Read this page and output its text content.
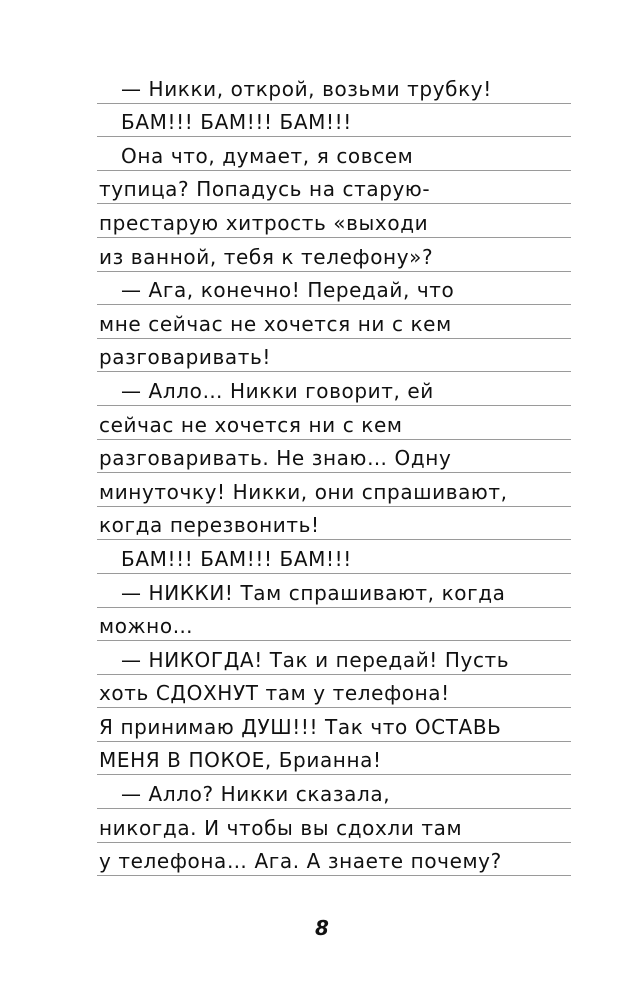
— Никки, открой, возьми трубку!
БАМ!!! БАМ!!! БАМ!!!
Она что, думает, я совсем
тупица? Попадусь на старую-
престарую хитрость «выходи
из ванной, тебя к телефону»?
— Ага, конечно! Передай, что
мне сейчас не хочется ни с кем
разговаривать!
— Алло… Никки говорит, ей
сейчас не хочется ни с кем
разговаривать. Не знаю… Одну
минуточку! Никки, они спрашивают,
когда перезвонить!
БАМ!!! БАМ!!! БАМ!!!
— НИККИ! Там спрашивают, когда
можно…
— НИКОГДА! Так и передай! Пусть
хоть СДОХНУТ там у телефона!
Я принимаю ДУШ!!! Так что ОСТАВЬ
МЕНЯ В ПОКОЕ, Брианна!
— Алло? Никки сказала,
никогда. И чтобы вы сдохли там
у телефона… Ага. А знаете почему?
8
